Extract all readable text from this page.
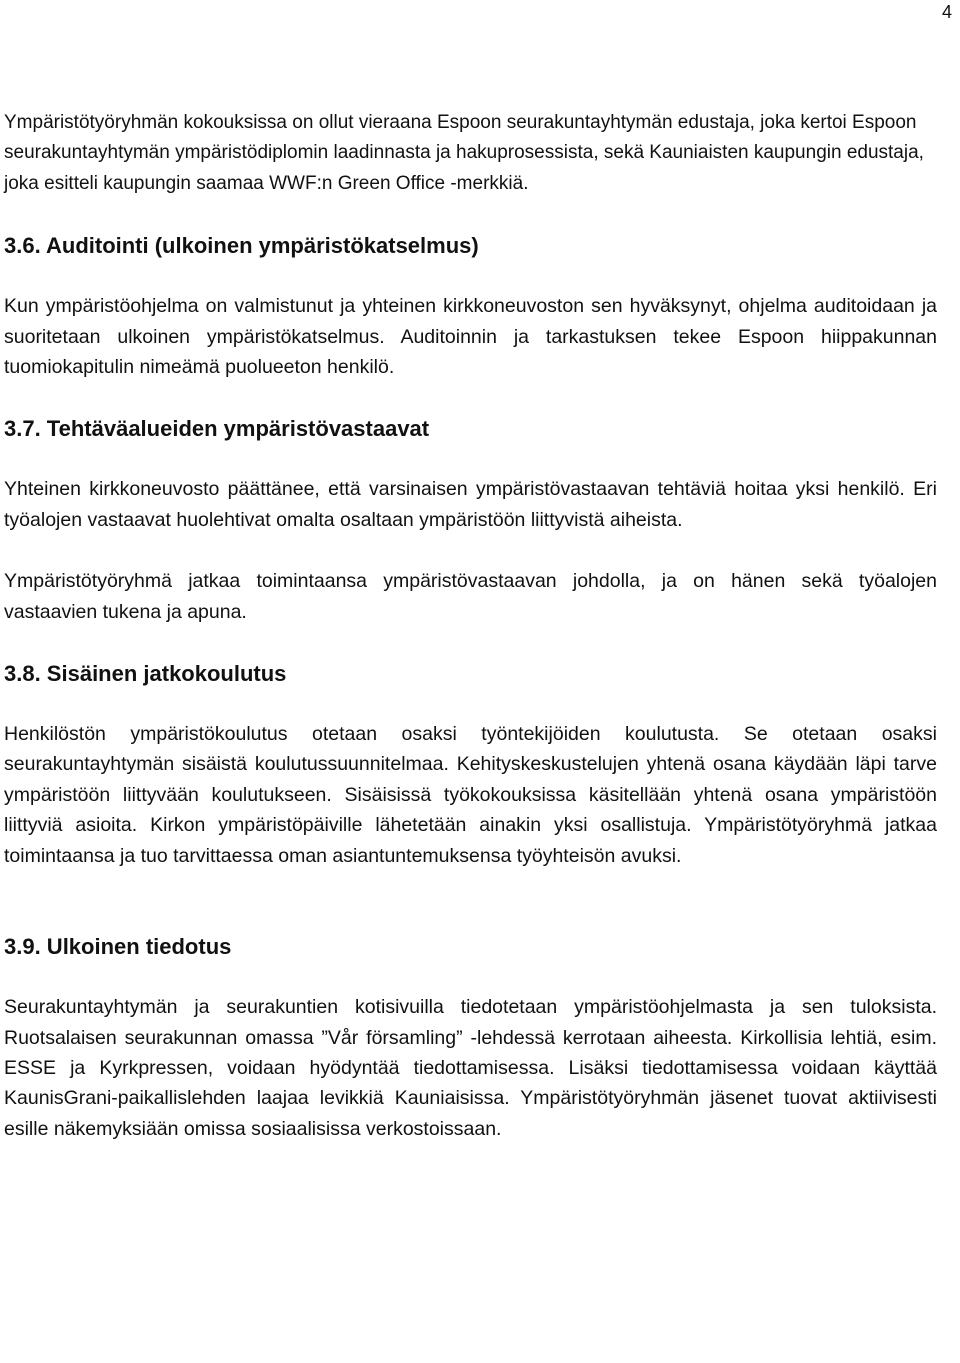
4

Ympäristötyöryhmän kokouksissa on ollut vieraana Espoon seurakuntayhtymän edustaja, joka kertoi Espoon seurakuntayhtymän ympäristödiplomin laadinnasta ja hakuprosessista, sekä Kauniaisten kaupungin edustaja, joka esitteli kaupungin saamaa WWF:n Green Office -merkkiä.

3.6. Auditointi (ulkoinen ympäristökatselmus)

Kun ympäristöohjelma on valmistunut ja yhteinen kirkkoneuvoston sen hyväksynyt, ohjelma auditoidaan ja suoritetaan ulkoinen ympäristökatselmus. Auditoinnin ja tarkastuksen tekee Espoon hiippakunnan tuomiokapitulin nimeämä puolueeton henkilö.

3.7. Tehtäväalueiden ympäristövastaavat

Yhteinen kirkkoneuvosto päättänee, että varsinaisen ympäristövastaavan tehtäviä hoitaa yksi henkilö. Eri työalojen vastaavat huolehtivat omalta osaltaan ympäristöön liittyvistä aiheista.

Ympäristötyöryhmä jatkaa toimintaansa ympäristövastaavan johdolla, ja on hänen sekä työalojen vastaavien tukena ja apuna.

3.8. Sisäinen jatkokoulutus

Henkilöstön ympäristökoulutus otetaan osaksi työntekijöiden koulutusta. Se otetaan osaksi seurakuntayhtymän sisäistä koulutussuunnitelmaa. Kehityskeskustelujen yhtenä osana käydään läpi tarve ympäristöön liittyvään koulutukseen. Sisäisissä työkokouksissa käsitellään yhtenä osana ympäristöön liittyviä asioita. Kirkon ympäristöpäiville lähetetään ainakin yksi osallistuja. Ympäristötyöryhmä jatkaa toimintaansa ja tuo tarvittaessa oman asiantuntemuksensa työyhteisön avuksi.

3.9. Ulkoinen tiedotus

Seurakuntayhtymän ja seurakuntien kotisivuilla tiedotetaan ympäristöohjelmasta ja sen tuloksista. Ruotsalaisen seurakunnan omassa ”Vår församling” -lehdessä kerrotaan aiheesta. Kirkollisia lehtiä, esim. ESSE ja Kyrkpressen, voidaan hyödyntää tiedottamisessa. Lisäksi tiedottamisessa voidaan käyttää KaunisGrani-paikallislehden laajaa levikkiä Kauniaisissa. Ympäristötyöryhmän jäsenet tuovat aktiivisesti esille näkemyksiään omissa sosiaalisissa verkostoissaan.
